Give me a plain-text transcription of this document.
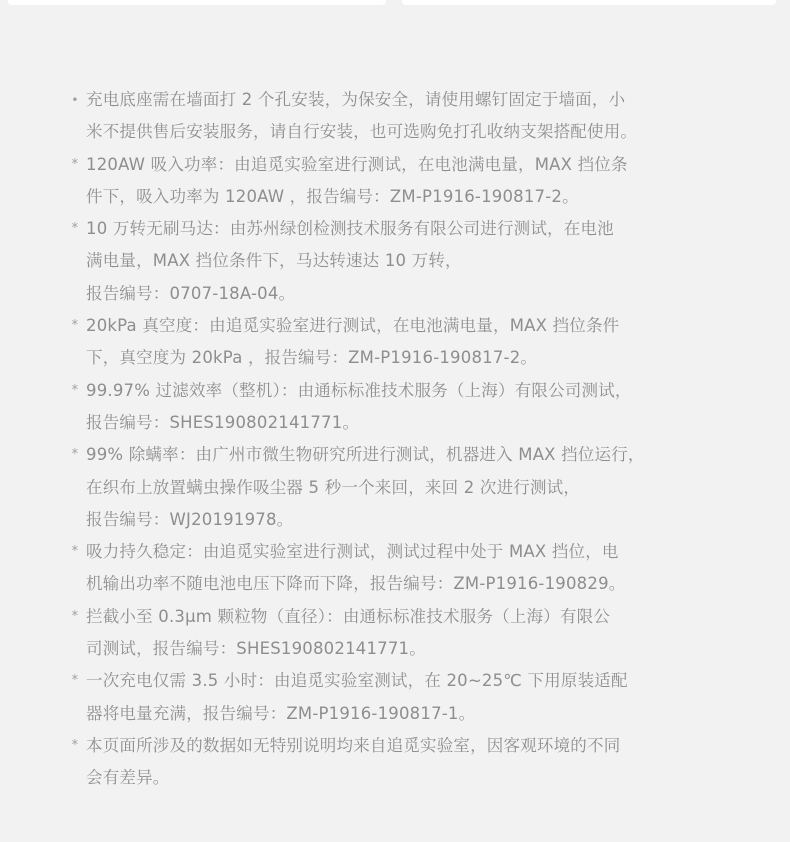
• 充电底座需在墙面打 2 个孔安装，为保安全，请使用螺钉固定于墙面，小
米不提供售后安装服务，请自行安装，也可选购免打孔收纳支架搭配使用。
* 120AW 吸入功率：由追觅实验室进行测试，在电池满电量，MAX 挡位条
件下，吸入功率为 120AW ，报告编号：ZM-P1916-190817-2。
* 10 万转无刷马达：由苏州绿创检测技术服务有限公司进行测试，在电池
满电量，MAX 挡位条件下，马达转速达 10 万转，
报告编号：0707-18A-04。
* 20kPa 真空度：由追觅实验室进行测试，在电池满电量，MAX 挡位条件
下，真空度为 20kPa ，报告编号：ZM-P1916-190817-2。
* 99.97% 过滤效率（整机）：由通标标准技术服务（上海）有限公司测试，
报告编号：SHES190802141771。
* 99% 除螨率：由广州市微生物研究所进行测试，机器进入 MAX 挡位运行，
在织布上放置螨虫操作吸尘器 5 秒一个来回，来回 2 次进行测试，
报告编号：WJ20191978。
* 吸力持久稳定：由追觅实验室进行测试，测试过程中处于 MAX 挡位，电
机输出功率不随电池电压下降而下降，报告编号：ZM-P1916-190829。
* 拦截小至 0.3μm 颗粒物（直径）：由通标标准技术服务（上海）有限公
司测试，报告编号：SHES190802141771。
* 一次充电仅需 3.5 小时：由追觅实验室测试，在 20~25℃ 下用原装适配
器将电量充满，报告编号：ZM-P1916-190817-1。
* 本页面所涉及的数据如无特别说明均来自追觅实验室，因客观环境的不同
会有差异。
